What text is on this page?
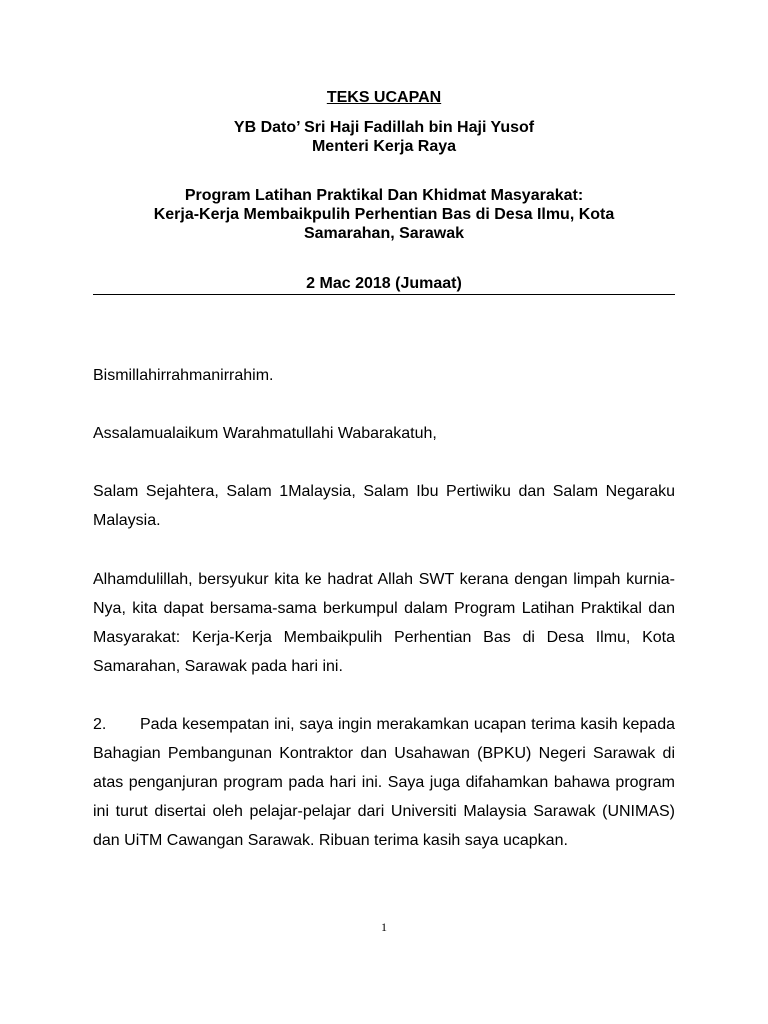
TEKS UCAPAN
YB Dato’ Sri Haji Fadillah bin Haji Yusof
Menteri Kerja Raya
Program Latihan Praktikal Dan Khidmat Masyarakat:
Kerja-Kerja Membaikpulih Perhentian Bas di Desa Ilmu, Kota
Samarahan, Sarawak
2 Mac 2018 (Jumaat)

Bismillahirrahmanirrahim.

Assalamualaikum Warahmatullahi Wabarakatuh,

Salam Sejahtera, Salam 1Malaysia, Salam Ibu Pertiwiku dan Salam Negaraku Malaysia.

Alhamdulillah, bersyukur kita ke hadrat Allah SWT kerana dengan limpah kurnia-Nya, kita dapat bersama-sama berkumpul dalam Program Latihan Praktikal dan Masyarakat: Kerja-Kerja Membaikpulih Perhentian Bas di Desa Ilmu, Kota Samarahan, Sarawak pada hari ini.

2. Pada kesempatan ini, saya ingin merakamkan ucapan terima kasih kepada Bahagian Pembangunan Kontraktor dan Usahawan (BPKU) Negeri Sarawak di atas penganjuran program pada hari ini. Saya juga difahamkan bahawa program ini turut disertai oleh pelajar-pelajar dari Universiti Malaysia Sarawak (UNIMAS) dan UiTM Cawangan Sarawak. Ribuan terima kasih saya ucapkan.

1
